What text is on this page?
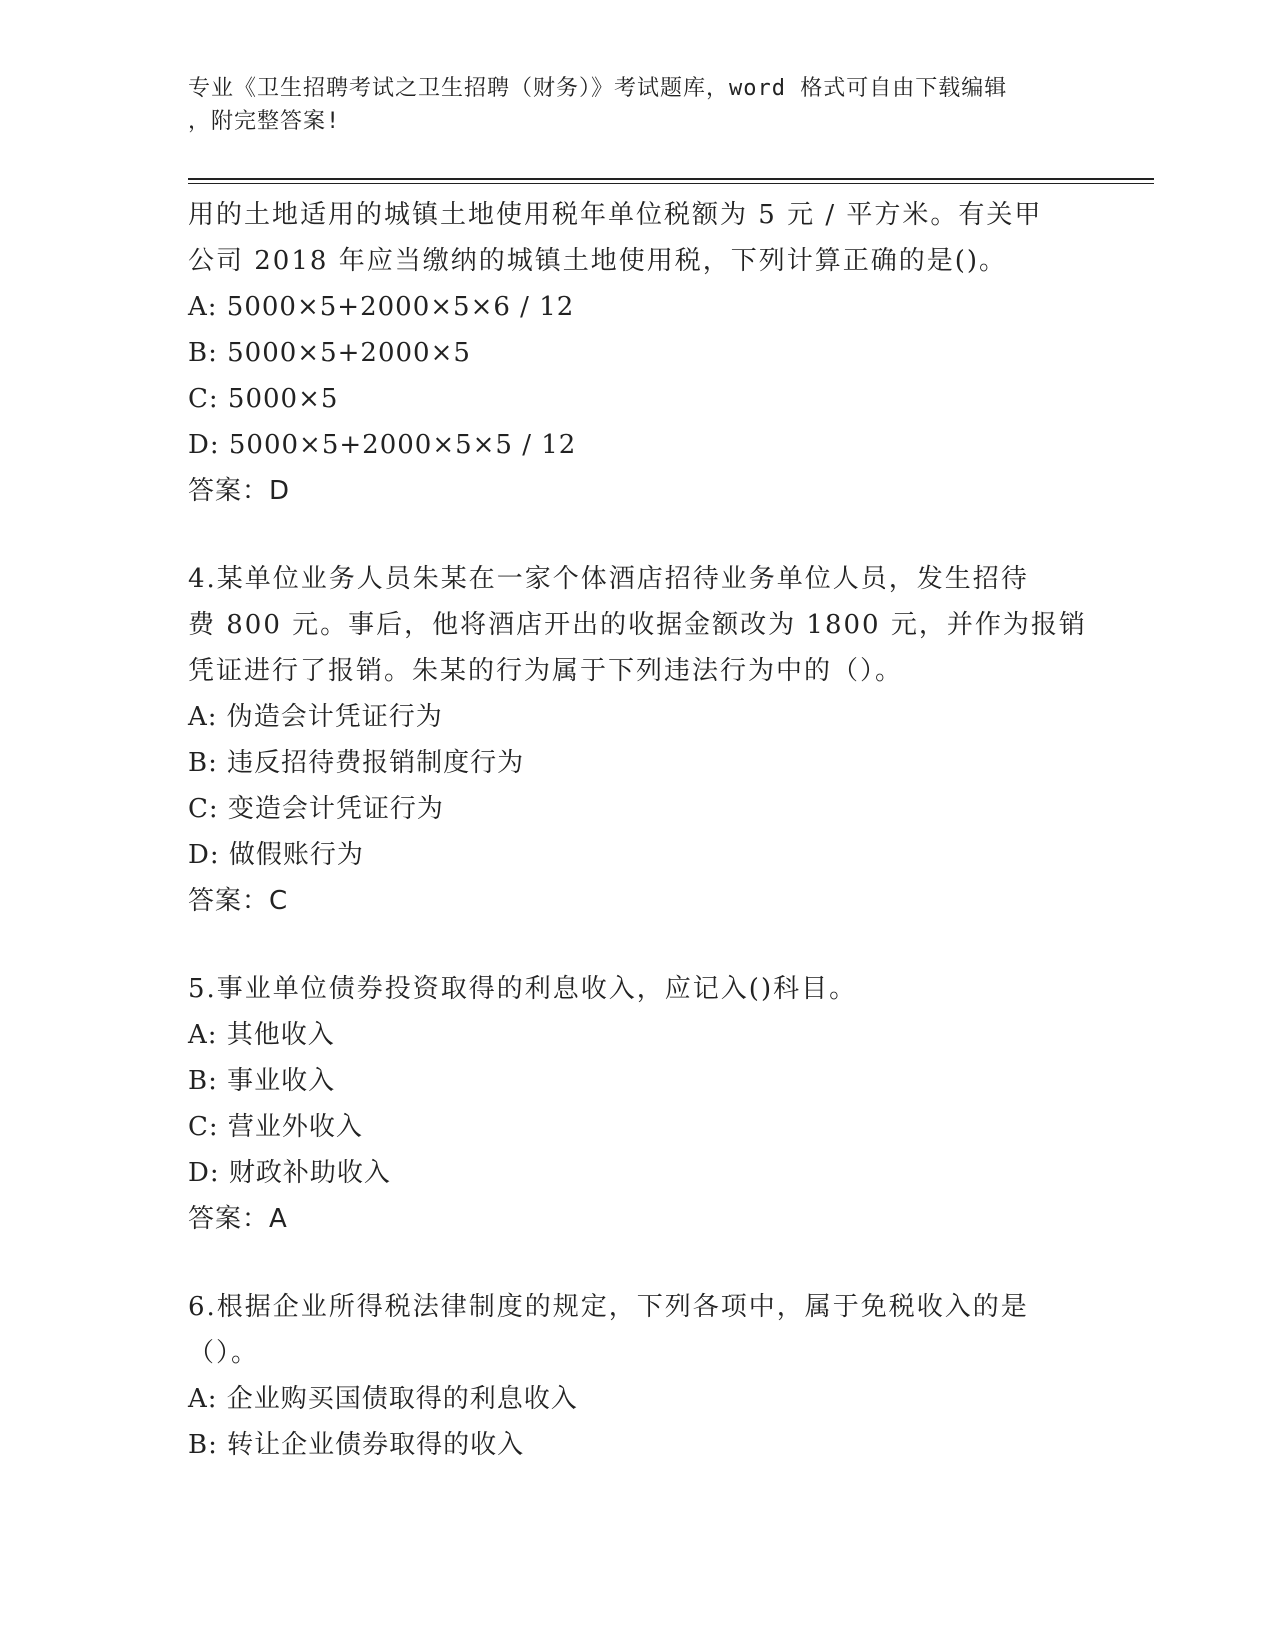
专业《卫生招聘考试之卫生招聘（财务）》考试题库，word 格式可自由下载编辑
，附完整答案!
用的土地适用的城镇土地使用税年单位税额为 5 元 / 平方米。有关甲
公司 2018 年应当缴纳的城镇土地使用税，下列计算正确的是()。
A: 5000×5+2000×5×6 / 12
B: 5000×5+2000×5
C: 5000×5
D: 5000×5+2000×5×5 / 12
答案：D
4.某单位业务人员朱某在一家个体酒店招待业务单位人员，发生招待
费 800 元。事后，他将酒店开出的收据金额改为 1800 元，并作为报销
凭证进行了报销。朱某的行为属于下列违法行为中的（）。
A: 伪造会计凭证行为
B: 违反招待费报销制度行为
C: 变造会计凭证行为
D: 做假账行为
答案：C
5.事业单位债券投资取得的利息收入，应记入()科目。
A: 其他收入
B: 事业收入
C: 营业外收入
D: 财政补助收入
答案：A
6.根据企业所得税法律制度的规定，下列各项中，属于免税收入的是
（）。
A: 企业购买国债取得的利息收入
B: 转让企业债券取得的收入
